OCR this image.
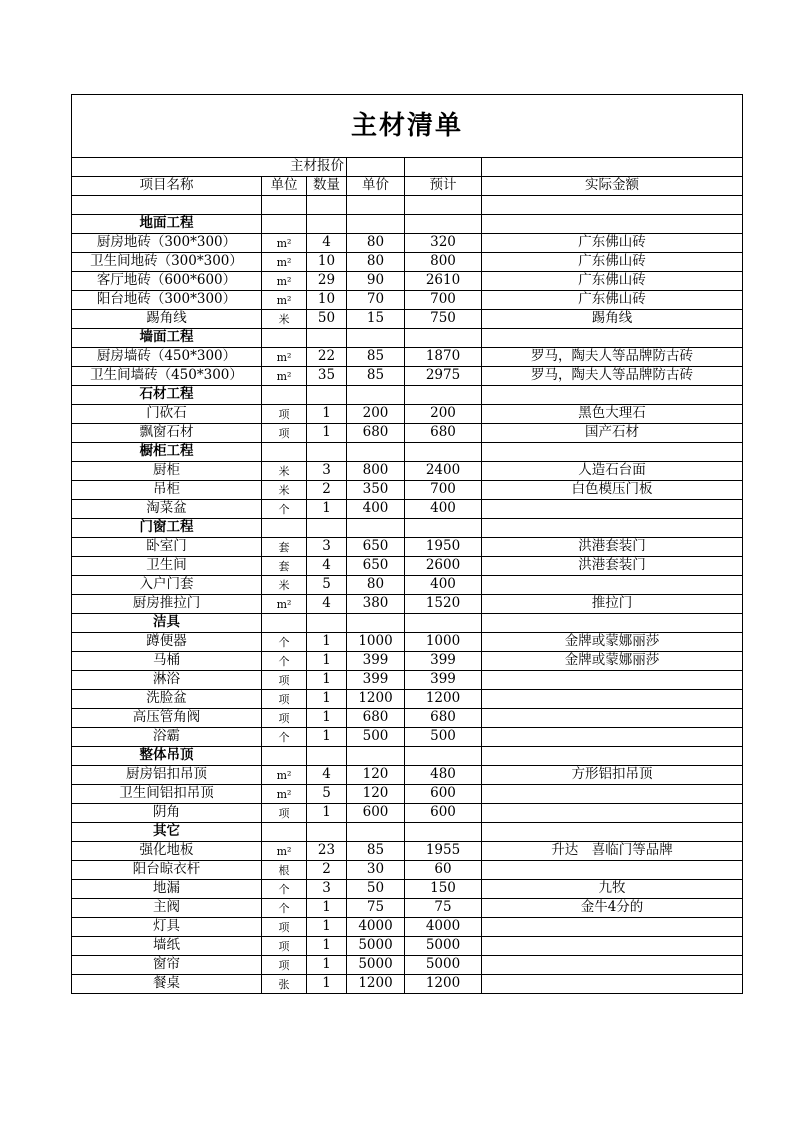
主材清单					
主材报价					
项目名称	单位	数量	单价	预计	实际金额

地面工程					
厨房地砖（300*300）	m²	4	80	320	广东佛山砖
卫生间地砖（300*300）	m²	10	80	800	广东佛山砖
客厅地砖（600*600）	m²	29	90	2610	广东佛山砖
阳台地砖（300*300）	m²	10	70	700	广东佛山砖
踢角线	米	50	15	750	踢角线
墙面工程					
厨房墙砖（450*300）	m²	22	85	1870	罗马，陶夫人等品牌防古砖
卫生间墙砖（450*300）	m²	35	85	2975	罗马，陶夫人等品牌防古砖
石材工程					
门砍石	项	1	200	200	黑色大理石
飘窗石材	项	1	680	680	国产石材
橱柜工程					
厨柜	米	3	800	2400	人造石台面
吊柜	米	2	350	700	白色模压门板
淘菜盆	个	1	400	400	
门窗工程					
卧室门	套	3	650	1950	洪港套装门
卫生间	套	4	650	2600	洪港套装门
入户门套	米	5	80	400	
厨房推拉门	m²	4	380	1520	推拉门
洁具					
蹲便器	个	1	1000	1000	金牌或蒙娜丽莎
马桶	个	1	399	399	金牌或蒙娜丽莎
淋浴	项	1	399	399	
洗脸盆	项	1	1200	1200	
高压管角阀	项	1	680	680	
浴霸	个	1	500	500	
整体吊顶					
厨房铝扣吊顶	m²	4	120	480	方形铝扣吊顶
卫生间铝扣吊顶	m²	5	120	600	
阴角	项	1	600	600	
其它					
强化地板	m²	23	85	1955	升达　喜临门等品牌
阳台晾衣杆	根	2	30	60	
地漏	个	3	50	150	九牧
主阀	个	1	75	75	金牛4分的
灯具	项	1	4000	4000	
墙纸	项	1	5000	5000	
窗帘	项	1	5000	5000	
餐桌	张	1	1200	1200	
